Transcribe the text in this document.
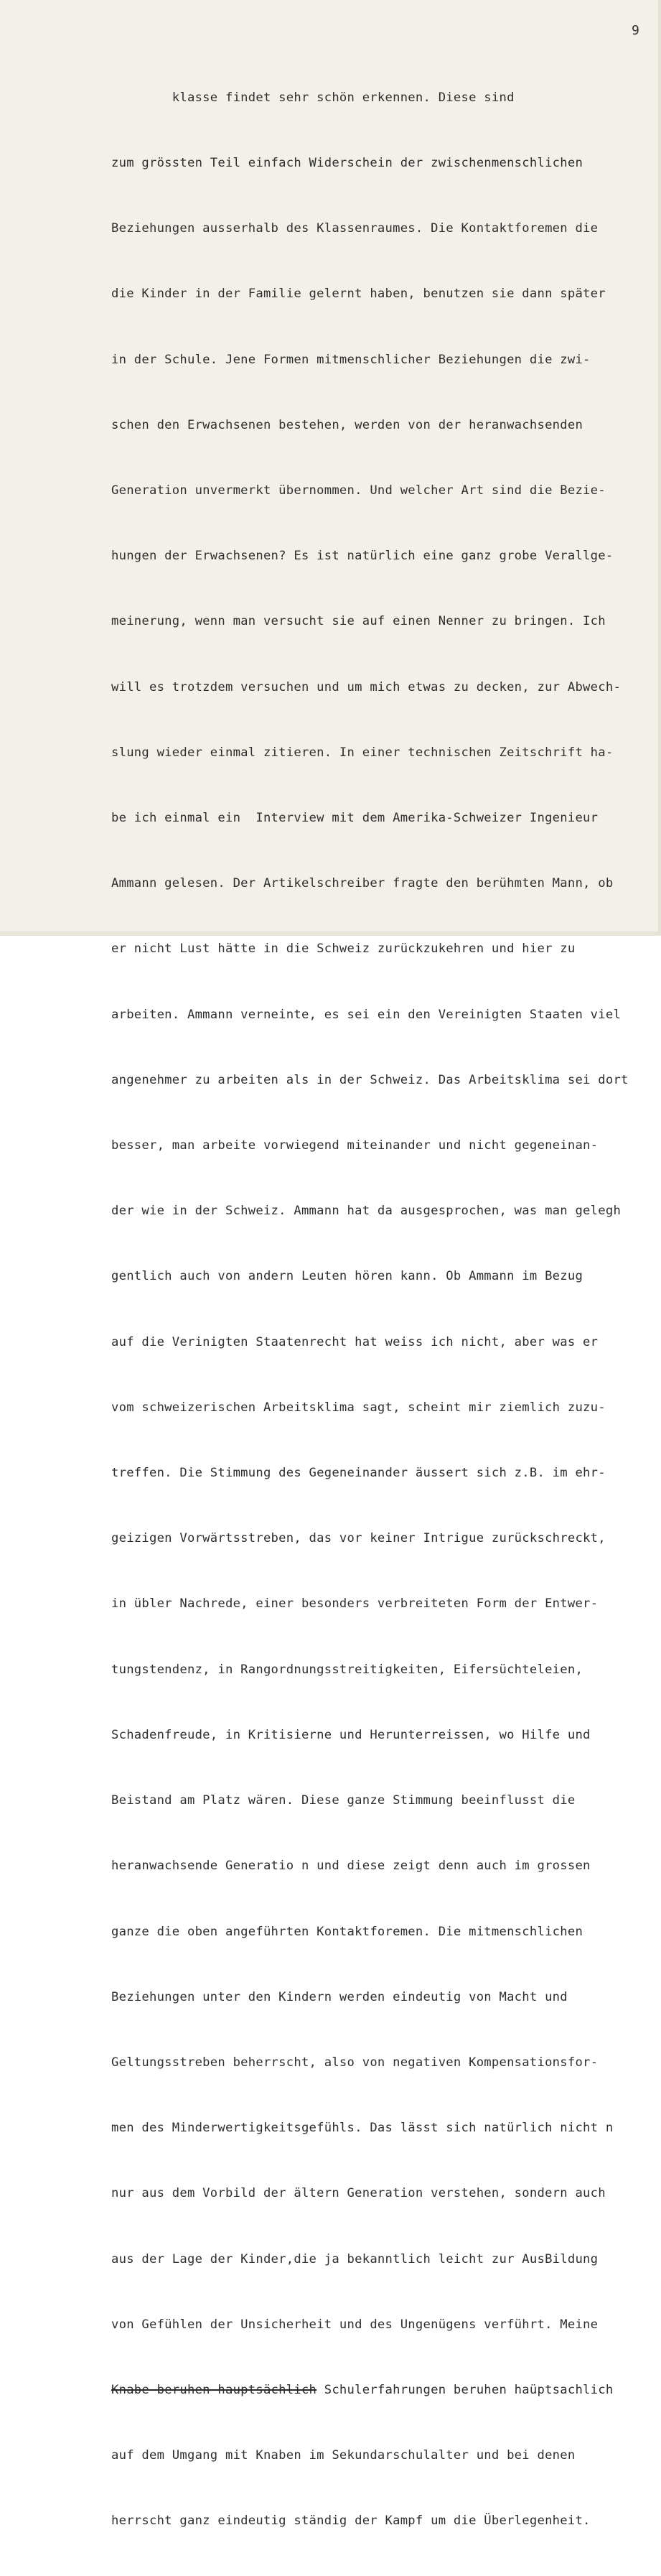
9

klasse findet sehr schön erkennen. Diese sind

zum grössten Teil einfach Widerschein der zwischenmenschlichen

Beziehungen ausserhalb des Klassenraumes. Die Kontaktforemen die

die Kinder in der Familie gelernt haben, benutzen sie dann später

in der Schule. Jene Formen mitmenschlicher Beziehungen die zwi-

schen den Erwachsenen bestehen, werden von der heranwachsenden

Generation unvermerkt übernommen. Und welcher Art sind die Bezie-

hungen der Erwachsenen? Es ist natürlich eine ganz grobe Verallge-

meinerung, wenn man versucht sie auf einen Nenner zu bringen. Ich

will es trotzdem versuchen und um mich etwas zu decken, zur Abwech-

slung wieder einmal zitieren. In einer technischen Zeitschrift ha-

be ich einmal ein  Interview mit dem Amerika-Schweizer Ingenieur

Ammann gelesen. Der Artikelschreiber fragte den berühmten Mann, ob

er nicht Lust hätte in die Schweiz zurückzukehren und hier zu

arbeiten. Ammann verneinte, es sei ein den Vereinigten Staaten viel

angenehmer zu arbeiten als in der Schweiz. Das Arbeitsklima sei dort

besser, man arbeite vorwiegend miteinander und nicht gegeneinan-

der wie in der Schweiz. Ammann hat da ausgesprochen, was man gelegh

gentlich auch von andern Leuten hören kann. Ob Ammann im Bezug

auf die Verinigten Staatenrecht hat weiss ich nicht, aber was er

vom schweizerischen Arbeitsklima sagt, scheint mir ziemlich zuzu-

treffen. Die Stimmung des Gegeneinander äussert sich z.B. im ehr-

geizigen Vorwärtsstreben, das vor keiner Intrigue zurückschreckt,

in übler Nachrede, einer besonders verbreiteten Form der Entwer-

tungstendenz, in Rangordnungsstreitigkeiten, Eifersüchteleien,

Schadenfreude, in Kritisierne und Herunterreissen, wo Hilfe und

Beistand am Platz wären. Diese ganze Stimmung beeinflusst die

heranwachsende Generatio n und diese zeigt denn auch im grossen

ganze die oben angeführten Kontaktforemen. Die mitmenschlichen

Beziehungen unter den Kindern werden eindeutig von Macht und

Geltungsstreben beherrscht, also von negativen Kompensationsfor-

men des Minderwertigkeitsgefühls. Das lässt sich natürlich nicht n

nur aus dem Vorbild der ältern Generation verstehen, sondern auch

aus der Lage der Kinder,die ja bekanntlich leicht zur AusBildung

von Gefühlen der Unsicherheit und des Ungenügens verführt. Meine

Knabe beruhen hauptsächlich Schulerfahrungen beruhen haüptsachlich

auf dem Umgang mit Knaben im Sekundarschulalter und bei denen

herrscht ganz eindeutig ständig der Kampf um die Überlegenheit.
